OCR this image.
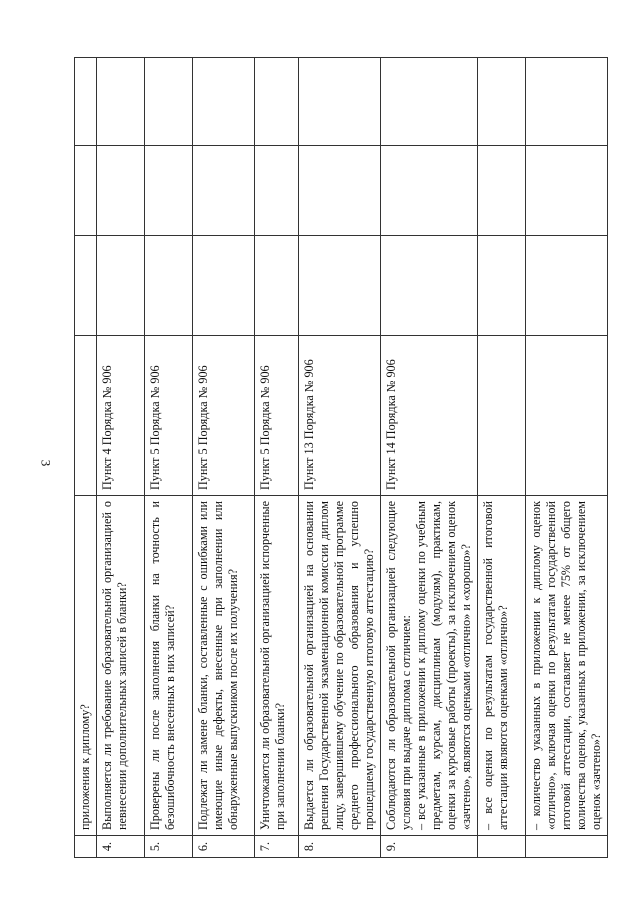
3
	приложения к диплому?				
4.	Выполняется ли требование образовательной организацией о невнесении дополнительных записей в бланки?	Пункт 4 Порядка № 906			
5.	Проверены ли после заполнения бланки на точность и безошибочность внесенных в них записей?	Пункт 5 Порядка № 906			
6.	Подлежат ли замене бланки, составленные с ошибками или имеющие иные дефекты, внесенные при заполнении или обнаруженные выпускником после их получения?	Пункт 5 Порядка № 906			
7.	Уничтожаются ли образовательной организацией испорченные при заполнении бланки?	Пункт 5 Порядка № 906			
8.	Выдается ли образовательной организацией на основании решения Государственной экзаменационной комиссии диплом лицу, завершившему обучение по образовательной программе среднего профессионального образования и успешно прошедшему государственную итоговую аттестацию?	Пункт 13 Порядка № 906			
9.	Соблюдаются ли образовательной организацией следующие условия при выдаче диплома с отличием: – все указанные в приложении к диплому оценки по учебным предметам, курсам, дисциплинам (модулям), практикам, оценки за курсовые работы (проекты), за исключением оценок «зачтено», являются оценками «отлично» и «хорошо»?	Пункт 14 Порядка № 906			
	– все оценки по результатам государственной итоговой аттестации являются оценками «отлично»?				
	– количество указанных в приложении к диплому оценок «отлично», включая оценки по результатам государственной итоговой аттестации, составляет не менее 75% от общего количества оценок, указанных в приложении, за исключением оценок «зачтено»?				
